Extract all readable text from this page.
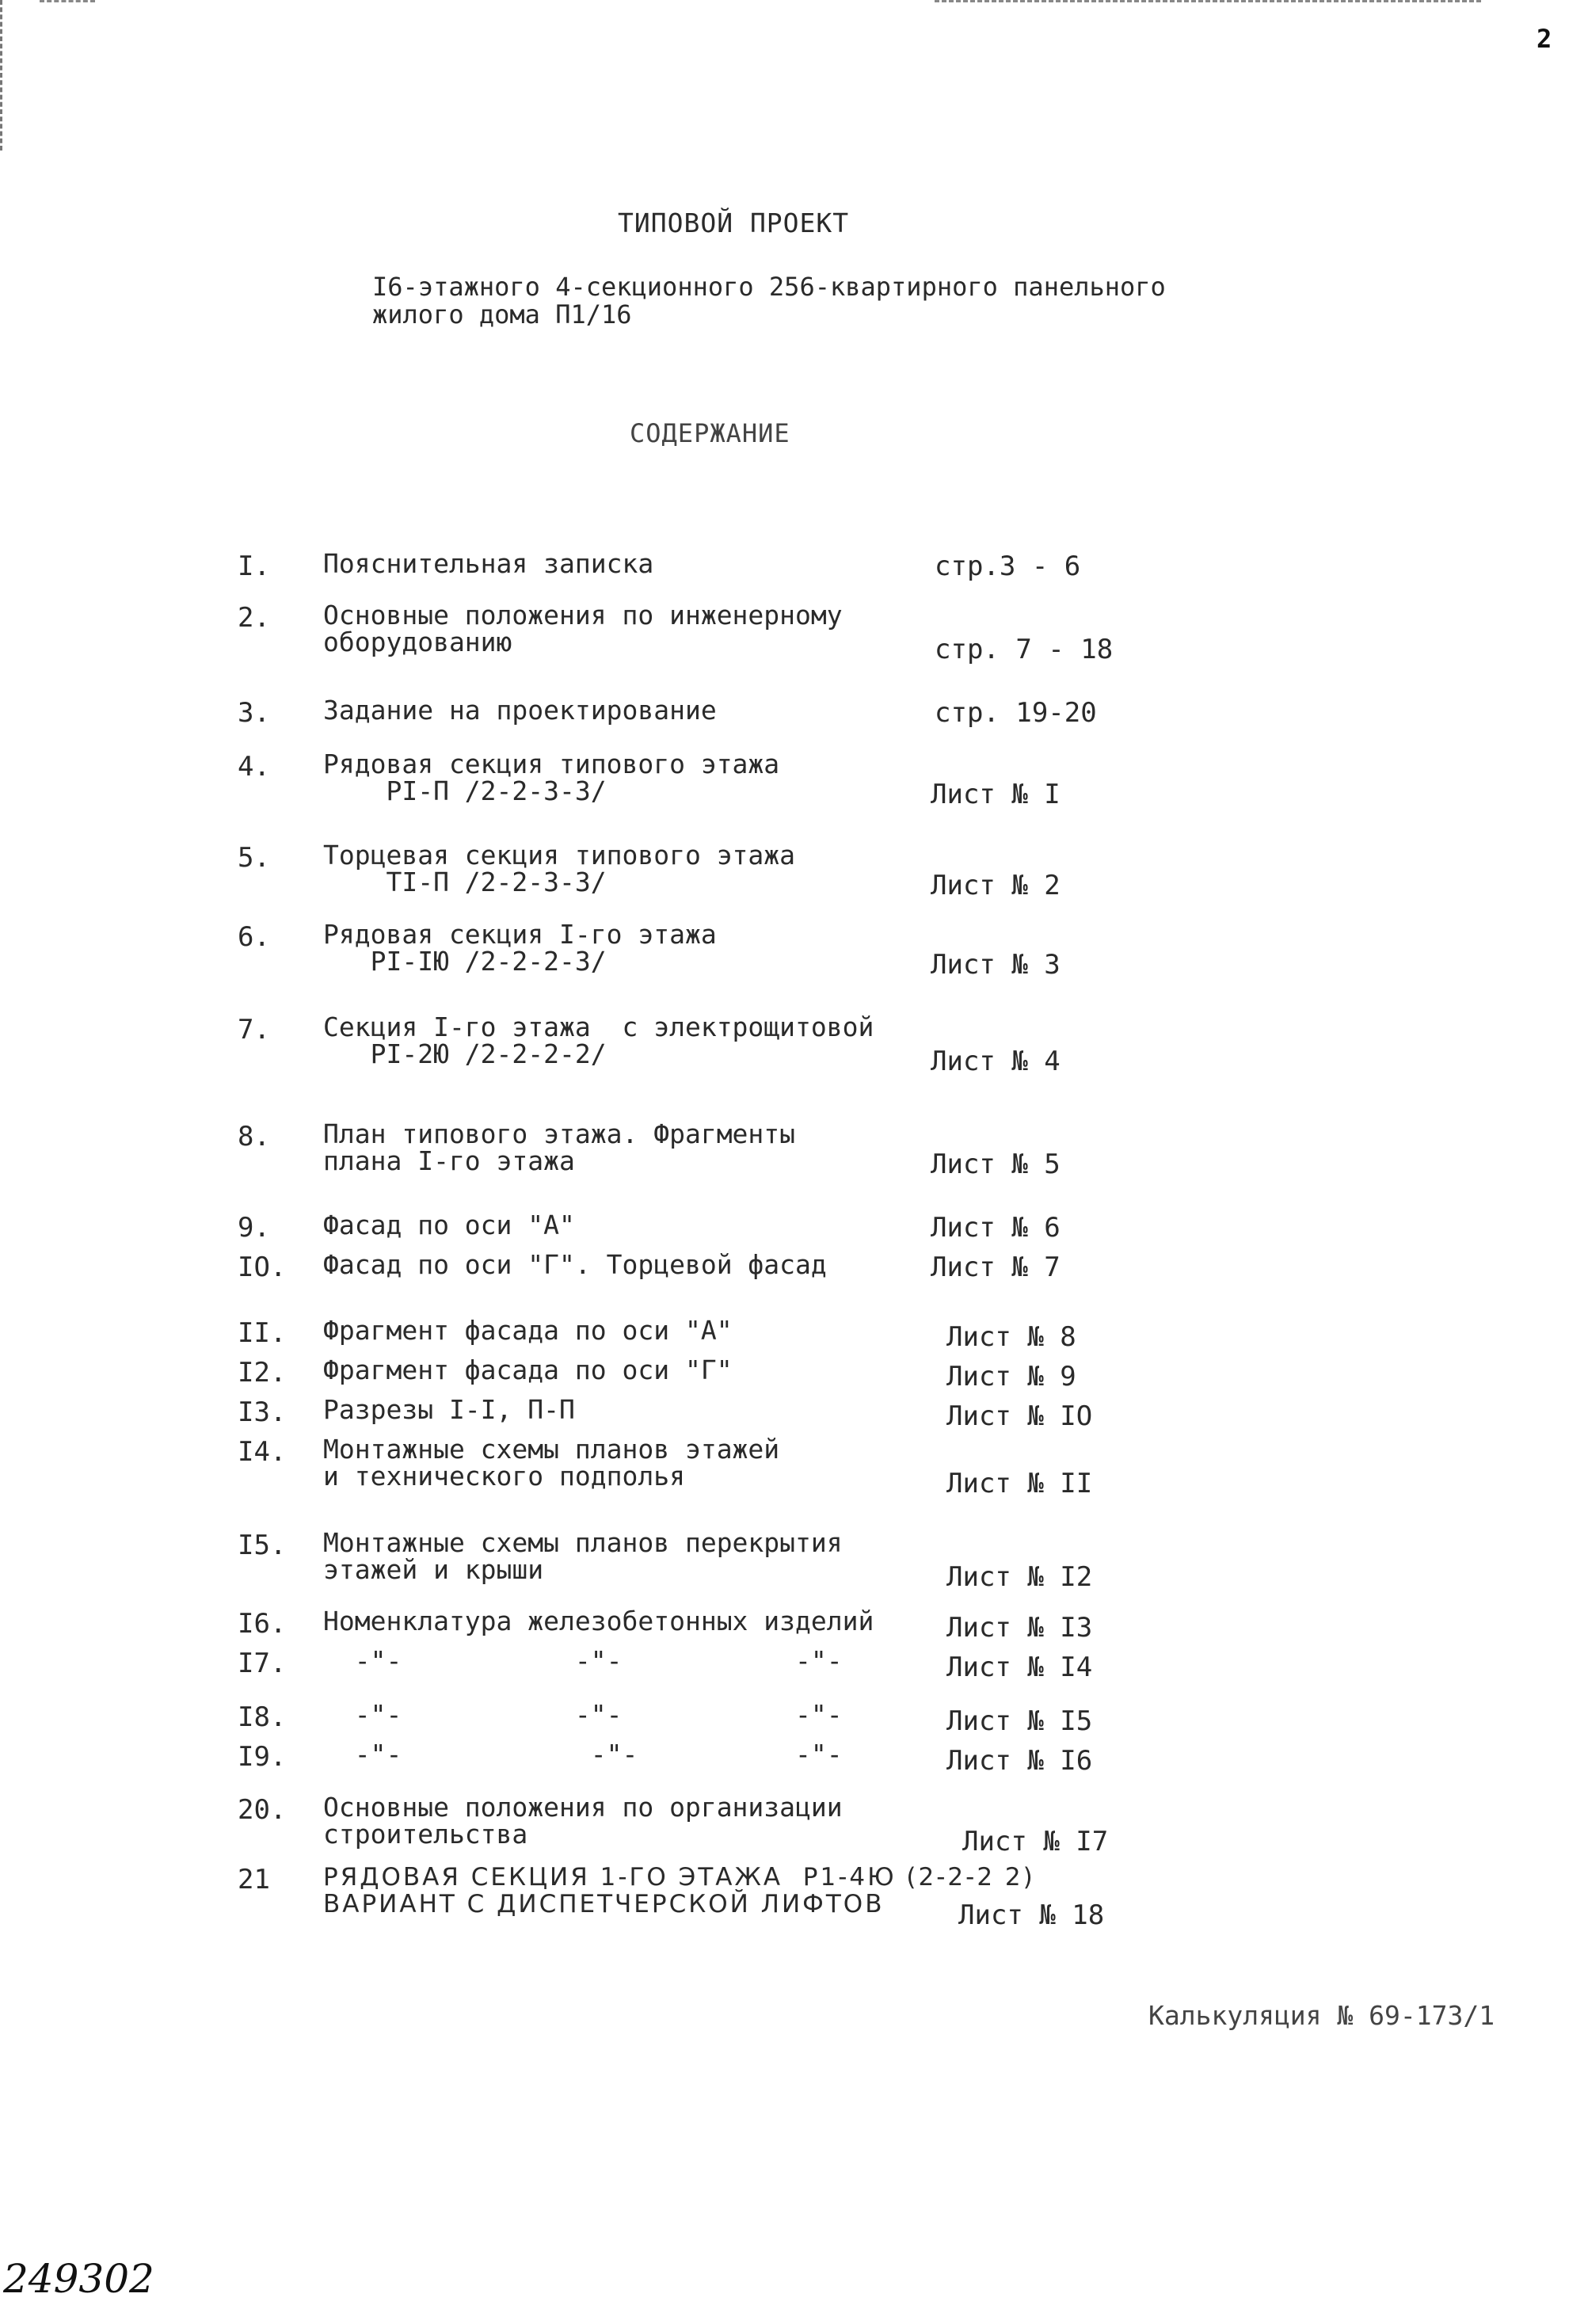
2
ТИПОВОЙ ПРОЕКТ
I6-этажного 4-секционного 256-квартирного панельного
жилого дома П1/16
СОДЕРЖАНИЕ
I. Пояснительная записка	стр.3 - 6
2. Основные положения по инженерному
оборудованию	стр. 7 - 18
3. Задание на проектирование	стр. 19-20
4. Рядовая секция типового этажа
PI-П /2-2-3-3/	Лист № I
5. Торцевая секция типового этажа
TI-П /2-2-3-3/	Лист № 2
6. Рядовая секция I-го этажа
PI-IЮ /2-2-2-3/	Лист № 3
7. Секция I-го этажа  с электрощитовой
PI-2Ю /2-2-2-2/	Лист № 4
8. План типового этажа. Фрагменты
плана I-го этажа	Лист № 5
9. Фасад по оси "А"	Лист № 6
IO. Фасад по оси "Г". Торцевой фасад	Лист № 7
II. Фрагмент фасада по оси "А"	Лист № 8
I2. Фрагмент фасада по оси "Г"	Лист № 9
I3. Разрезы I-I, П-П	Лист № IO
I4. Монтажные схемы планов этажей
и технического подполья	Лист № II
I5. Монтажные схемы планов перекрытия
этажей и крыши	Лист № I2
I6. Номенклатура железобетонных изделий	Лист № I3
I7. -"-           -"-           -"-	Лист № I4
I8. -"-           -"-           -"-	Лист № I5
I9. -"-            -"-          -"-	Лист № I6
20. Основные положения по организации
строительства	Лист № I7
21 РЯДОВАЯ СЕКЦИЯ 1-ГО ЭТАЖА  Р1-4Ю (2-2-2 2)
ВАРИАНТ С ДИСПЕТЧЕРСКОЙ ЛИФТОВ	Лист № 18
Калькуляция № 69-173/1
249302
